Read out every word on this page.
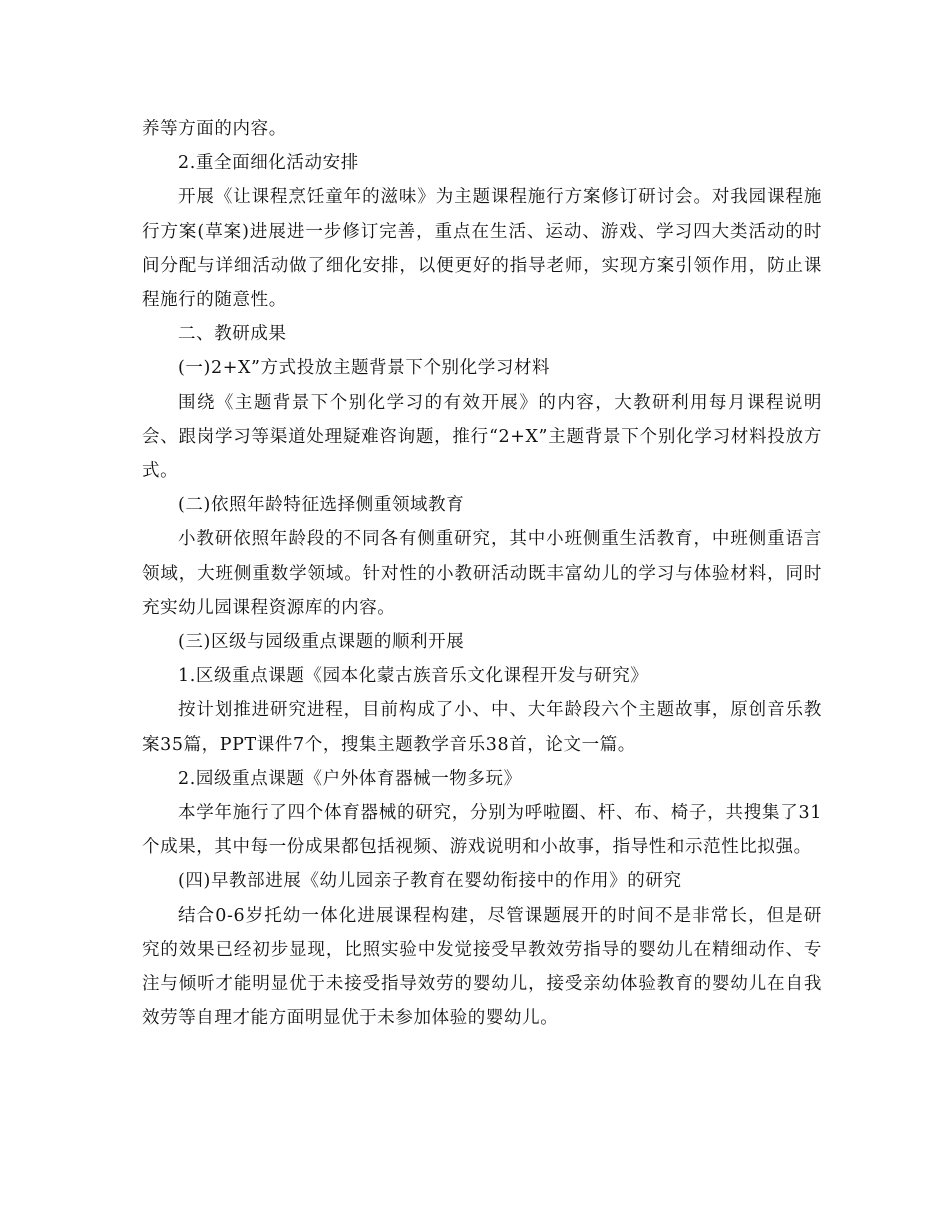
养等方面的内容。

2.重全面细化活动安排

开展《让课程烹饪童年的滋味》为主题课程施行方案修订研讨会。对我园课程施行方案(草案)进展进一步修订完善，重点在生活、运动、游戏、学习四大类活动的时间分配与详细活动做了细化安排，以便更好的指导老师，实现方案引领作用，防止课程施行的随意性。

二、教研成果

(一)2+X”方式投放主题背景下个别化学习材料

围绕《主题背景下个别化学习的有效开展》的内容，大教研利用每月课程说明会、跟岗学习等渠道处理疑难咨询题，推行“2+X”主题背景下个别化学习材料投放方式。

(二)依照年龄特征选择侧重领域教育

小教研依照年龄段的不同各有侧重研究，其中小班侧重生活教育，中班侧重语言领域，大班侧重数学领域。针对性的小教研活动既丰富幼儿的学习与体验材料，同时充实幼儿园课程资源库的内容。

(三)区级与园级重点课题的顺利开展

1.区级重点课题《园本化蒙古族音乐文化课程开发与研究》

按计划推进研究进程，目前构成了小、中、大年龄段六个主题故事，原创音乐教案35篇，PPT课件7个，搜集主题教学音乐38首，论文一篇。

2.园级重点课题《户外体育器械一物多玩》

本学年施行了四个体育器械的研究，分别为呼啦圈、杆、布、椅子，共搜集了31个成果，其中每一份成果都包括视频、游戏说明和小故事，指导性和示范性比拟强。

(四)早教部进展《幼儿园亲子教育在婴幼衔接中的作用》的研究

结合0-6岁托幼一体化进展课程构建，尽管课题展开的时间不是非常长，但是研究的效果已经初步显现，比照实验中发觉接受早教效劳指导的婴幼儿在精细动作、专注与倾听才能明显优于未接受指导效劳的婴幼儿，接受亲幼体验教育的婴幼儿在自我效劳等自理才能方面明显优于未参加体验的婴幼儿。
